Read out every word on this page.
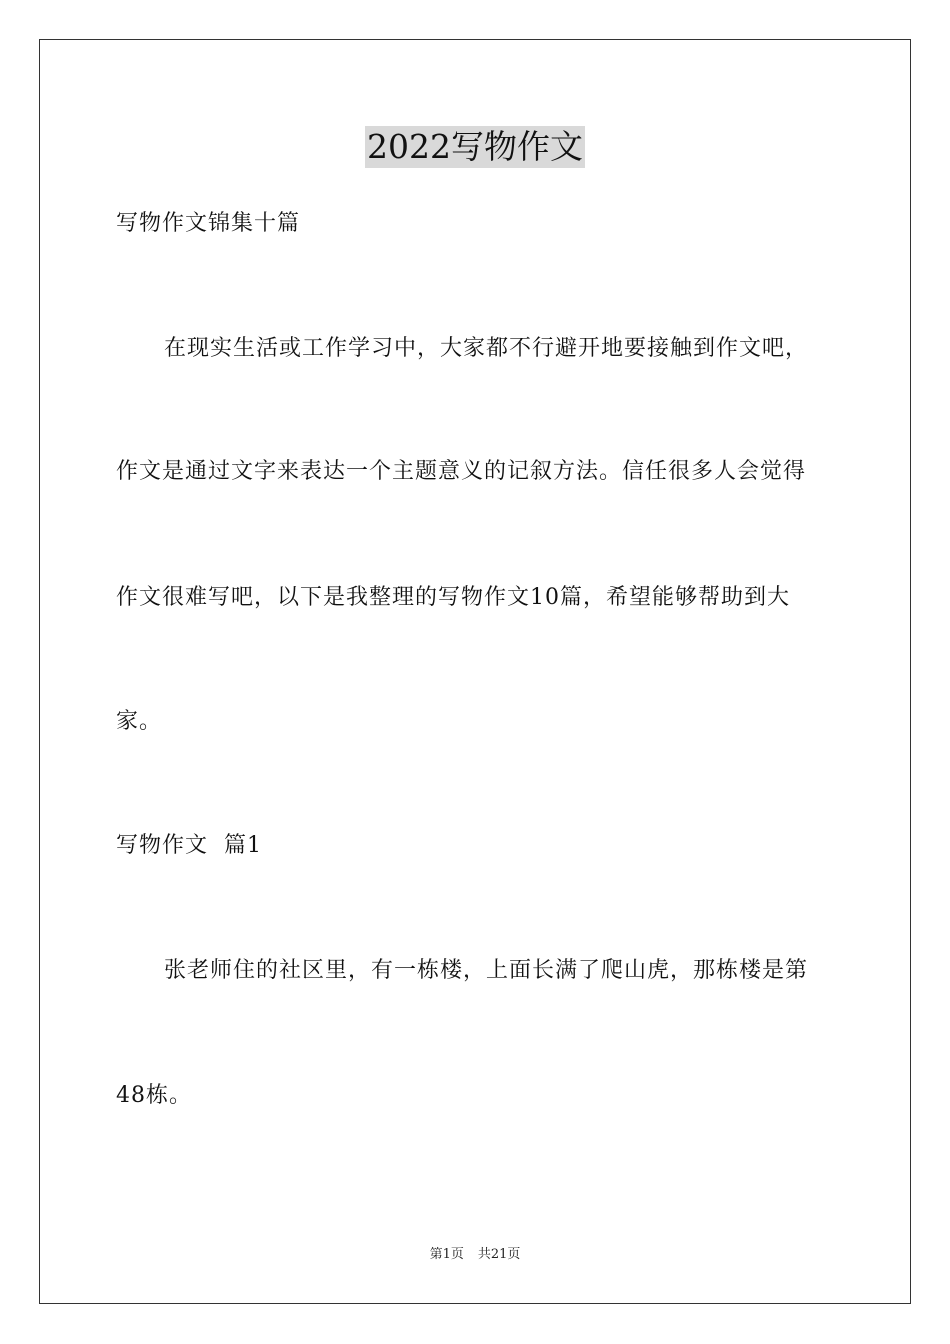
2022写物作文
写物作文锦集十篇
在现实生活或工作学习中，大家都不行避开地要接触到作文吧，
作文是通过文字来表达一个主题意义的记叙方法。信任很多人会觉得
作文很难写吧，以下是我整理的写物作文10篇，希望能够帮助到大
家。
写物作文  篇1
张老师住的社区里，有一栋楼，上面长满了爬山虎，那栋楼是第
48栋。
第1页 共21页
